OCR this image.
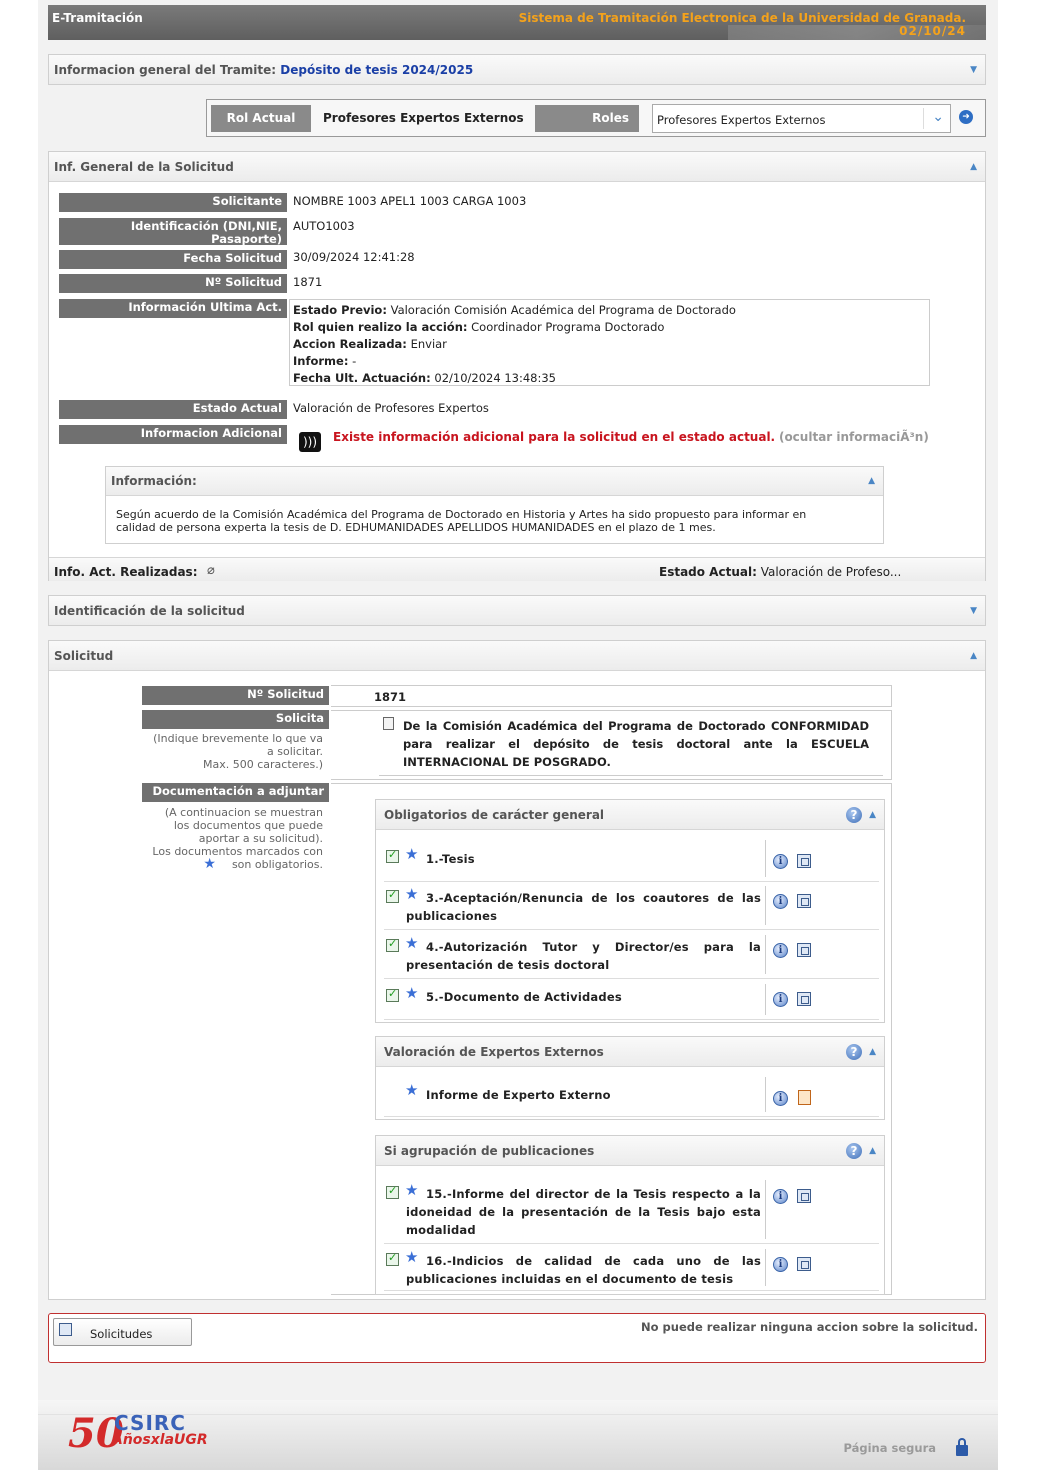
E-Tramitación	Sistema de Tramitación Electronica de la Universidad de Granada.
02/10/24
Informacion general del Tramite: Depósito de tesis 2024/2025	▼
Rol Actual	Profesores Expertos Externos	Roles	Profesores Expertos Externos	⌄	➜
Inf. General de la Solicitud	▲
Solicitante NOMBRE 1003 APEL1 1003 CARGA 1003
Identificación (DNI,NIE,
Pasaporte)
AUTO1003
Fecha Solicitud 30/09/2024 12:41:28
Nº Solicitud 1871
Información Ultima Act. Estado Previo: Valoración Comisión Académica del Programa de Doctorado
Rol quien realizo la acción: Coordinador Programa Doctorado
Accion Realizada: Enviar
Informe: -
Fecha Ult. Actuación: 02/10/2024 13:48:35
Estado Actual Valoración de Profesores Expertos
Informacion Adicional
)))	Existe información adicional para la solicitud en el estado actual. (ocultar informaciÃ³n)
Información:	▲
Según acuerdo de la Comisión Académica del Programa de Doctorado en Historia y Artes ha sido propuesto para informar en
calidad de persona experta la tesis de D. EDHUMANIDADES APELLIDOS HUMANIDADES en el plazo de 1 mes.
Info. Act. Realizadas: ⌀	Estado Actual: Valoración de Profeso...
Identificación de la solicitud	▼
Solicitud	▲
Nº Solicitud	1871
Solicita
(Indique brevemente lo que va
a solicitar.
Max. 500 caracteres.)
De la Comisión Académica del Programa de Doctorado CONFORMIDAD
para realizar el depósito de tesis doctoral ante la ESCUELA
INTERNACIONAL DE POSGRADO.
Documentación a adjuntar
(A continuacion se muestran
los documentos que puede
aportar a su solicitud).
Los documentos marcados con
★ son obligatorios.
Obligatorios de carácter general	?	▲
✓
★ 1.-Tesis	i
✓
★ 3.-Aceptación/Renuncia de los coautores de las
publicaciones
i
✓
★ 4.-Autorización Tutor y Director/es para la
presentación de tesis doctoral
i
✓
★ 5.-Documento de Actividades	i
Valoración de Expertos Externos	?	▲
★ Informe de Experto Externo	i
Si agrupación de publicaciones	?	▲
✓
★ 15.-Informe del director de la Tesis respecto a la
idoneidad de la presentación de la Tesis bajo esta
modalidad
i
✓
★ 16.-Indicios de calidad de cada uno de las
publicaciones incluidas en el documento de tesis
i
Solicitudes	No puede realizar ninguna accion sobre la solicitud.
50
CSIRC
AñosxlaUGR	Página segura
